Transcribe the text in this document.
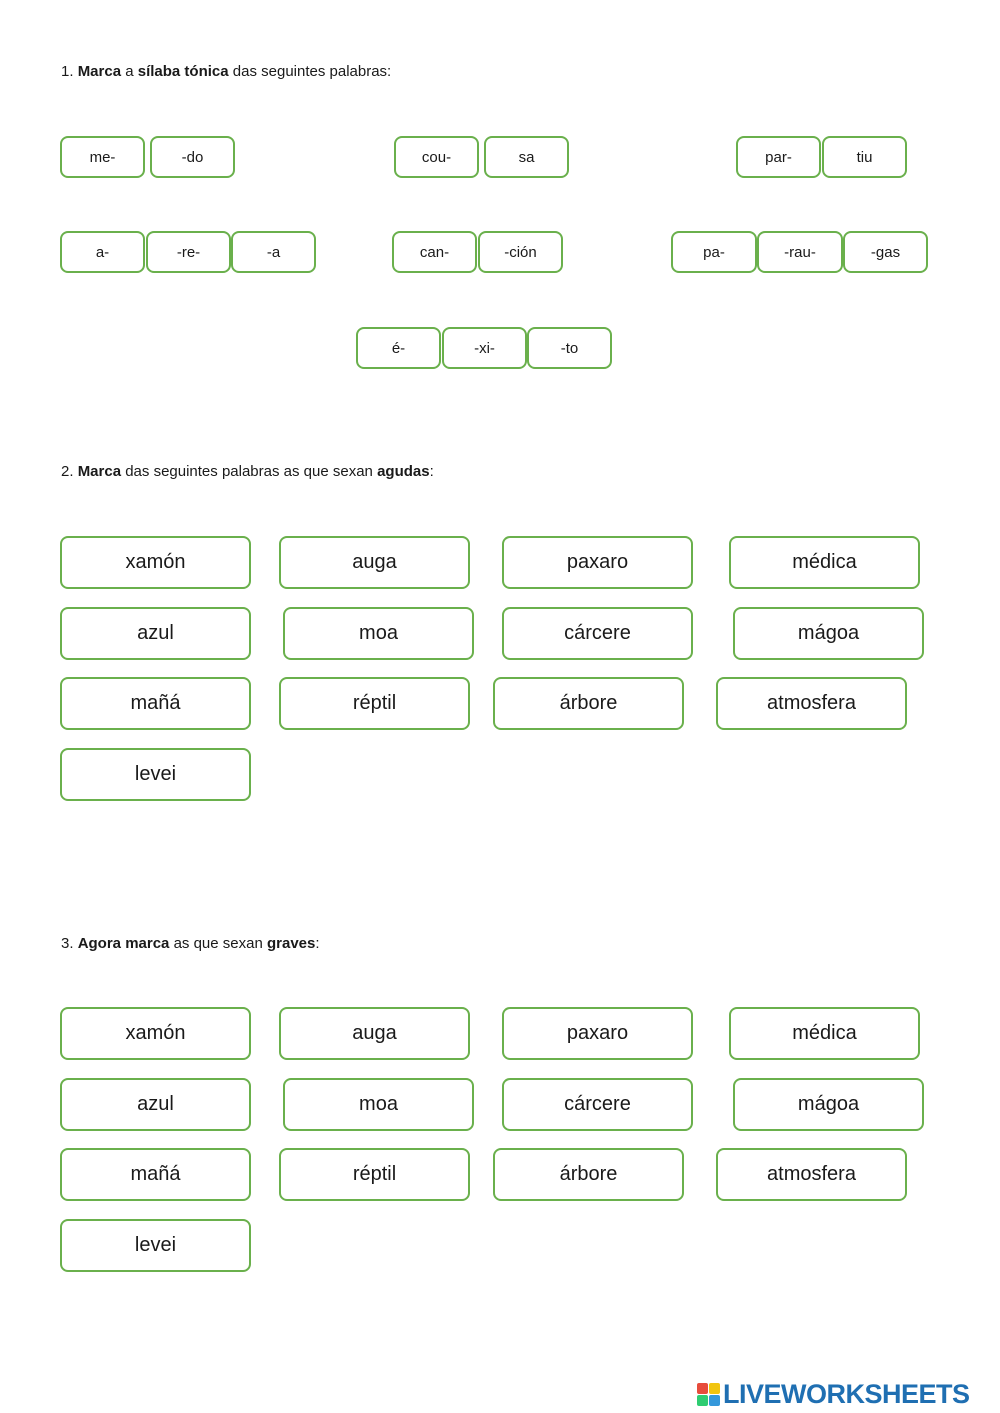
1. Marca a sílaba tónica das seguintes palabras:
me-	-do	cou-	sa	par-	tiu
a-	-re-	-a	can-	-ción	pa-	-rau-	-gas
é-	-xi-	-to
2. Marca das seguintes palabras as que sexan agudas:
xamón	auga	paxaro	médica
azul	moa	cárcere	mágoa
mañá	réptil	árbore	atmosfera
levei
3. Agora marca as que sexan graves:
xamón	auga	paxaro	médica
azul	moa	cárcere	mágoa
mañá	réptil	árbore	atmosfera
levei
LIVEWORKSHEETS
